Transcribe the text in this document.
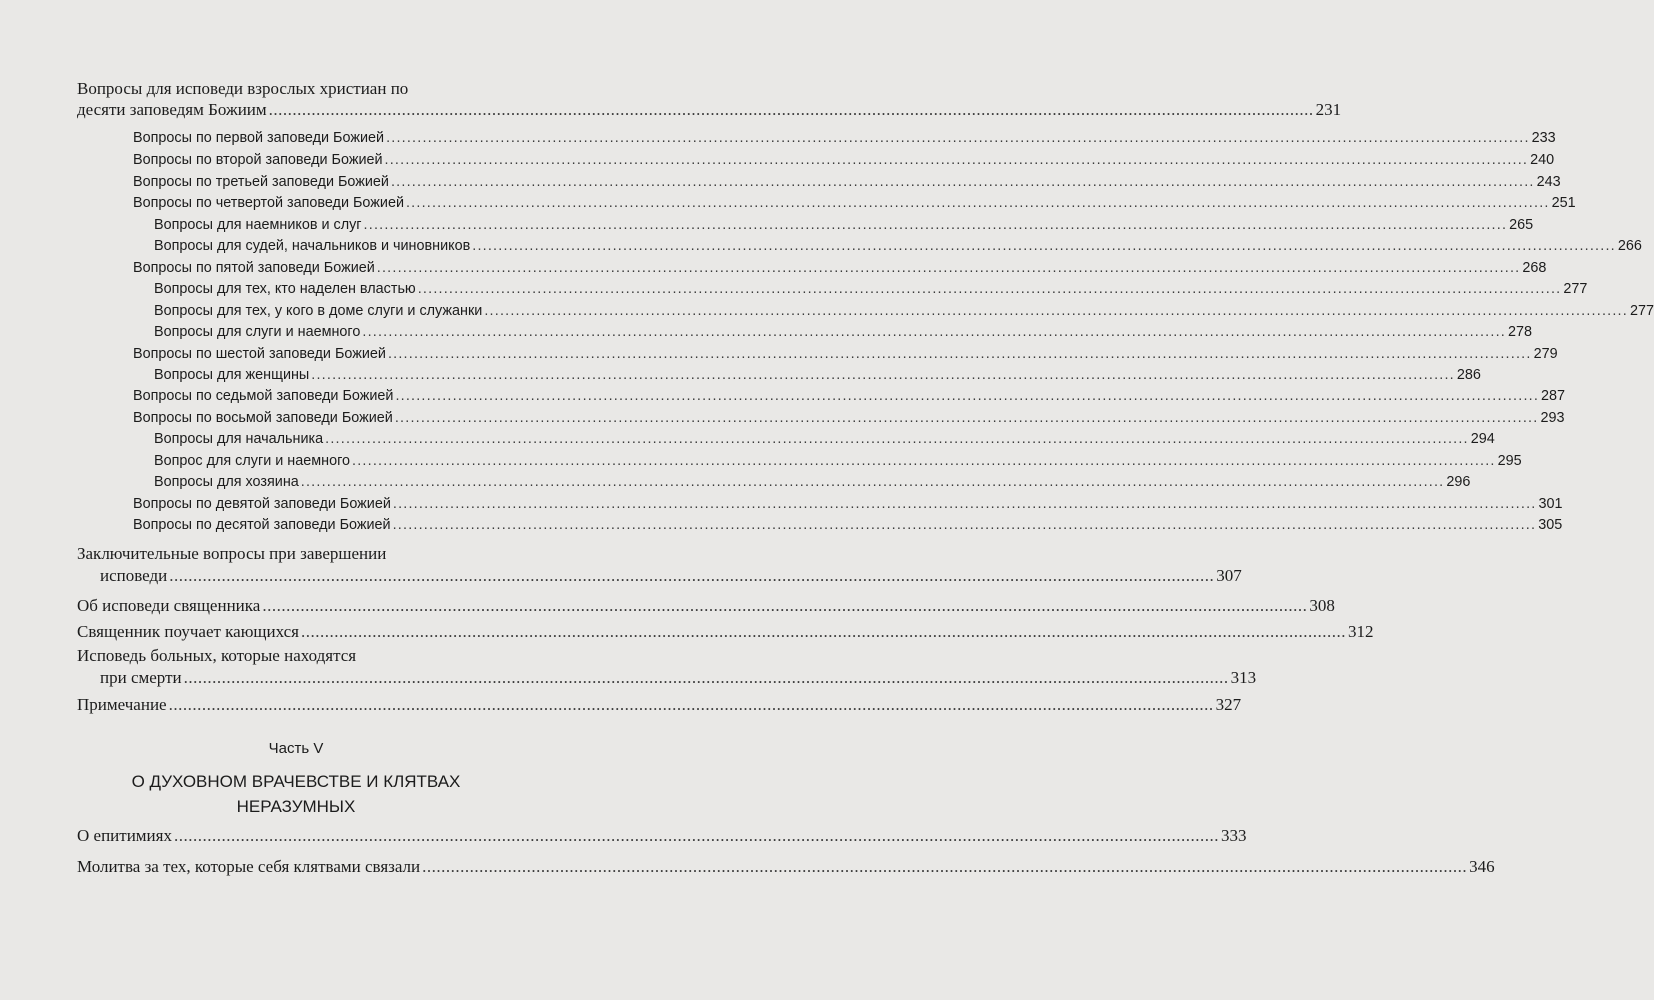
Вопросы для исповеди взрослых христиан по
десяти заповедям Божиим ............................................................................................................................................................................................................................ 231
Вопросы по первой заповеди Божией ............................................................................................................................................................................................................................ 233
Вопросы по второй заповеди Божией ............................................................................................................................................................................................................................ 240
Вопросы по третьей заповеди Божией ............................................................................................................................................................................................................................ 243
Вопросы по четвертой заповеди Божией ............................................................................................................................................................................................................................ 251
Вопросы для наемников и слуг ............................................................................................................................................................................................................................ 265
Вопросы для судей, начальников и чиновников ............................................................................................................................................................................................................................ 266
Вопросы по пятой заповеди Божией ............................................................................................................................................................................................................................ 268
Вопросы для тех, кто наделен властью ............................................................................................................................................................................................................................ 277
Вопросы для тех, у кого в доме слуги и служанки ............................................................................................................................................................................................................................ 277
Вопросы для слуги и наемного ............................................................................................................................................................................................................................ 278
Вопросы по шестой заповеди Божией ............................................................................................................................................................................................................................ 279
Вопросы для женщины ............................................................................................................................................................................................................................ 286
Вопросы по седьмой заповеди Божией ............................................................................................................................................................................................................................ 287
Вопросы по восьмой заповеди Божией ............................................................................................................................................................................................................................ 293
Вопросы для начальника ............................................................................................................................................................................................................................ 294
Вопрос для слуги и наемного ............................................................................................................................................................................................................................ 295
Вопросы для хозяина ............................................................................................................................................................................................................................ 296
Вопросы по девятой заповеди Божией ............................................................................................................................................................................................................................ 301
Вопросы по десятой заповеди Божией ............................................................................................................................................................................................................................ 305
Заключительные вопросы при завершении
исповеди ............................................................................................................................................................................................................................ 307
Об исповеди священника ............................................................................................................................................................................................................................ 308
Священник поучает кающихся ............................................................................................................................................................................................................................ 312
Исповедь больных, которые находятся
при смерти ............................................................................................................................................................................................................................ 313
Примечание ............................................................................................................................................................................................................................ 327
О епитимиях ............................................................................................................................................................................................................................ 333
Молитва за тех, которые себя клятвами связали ............................................................................................................................................................................................................................ 346
Часть V
О ДУХОВНОМ ВРАЧЕВСТВЕ И КЛЯТВАХ
НЕРАЗУМНЫХ
